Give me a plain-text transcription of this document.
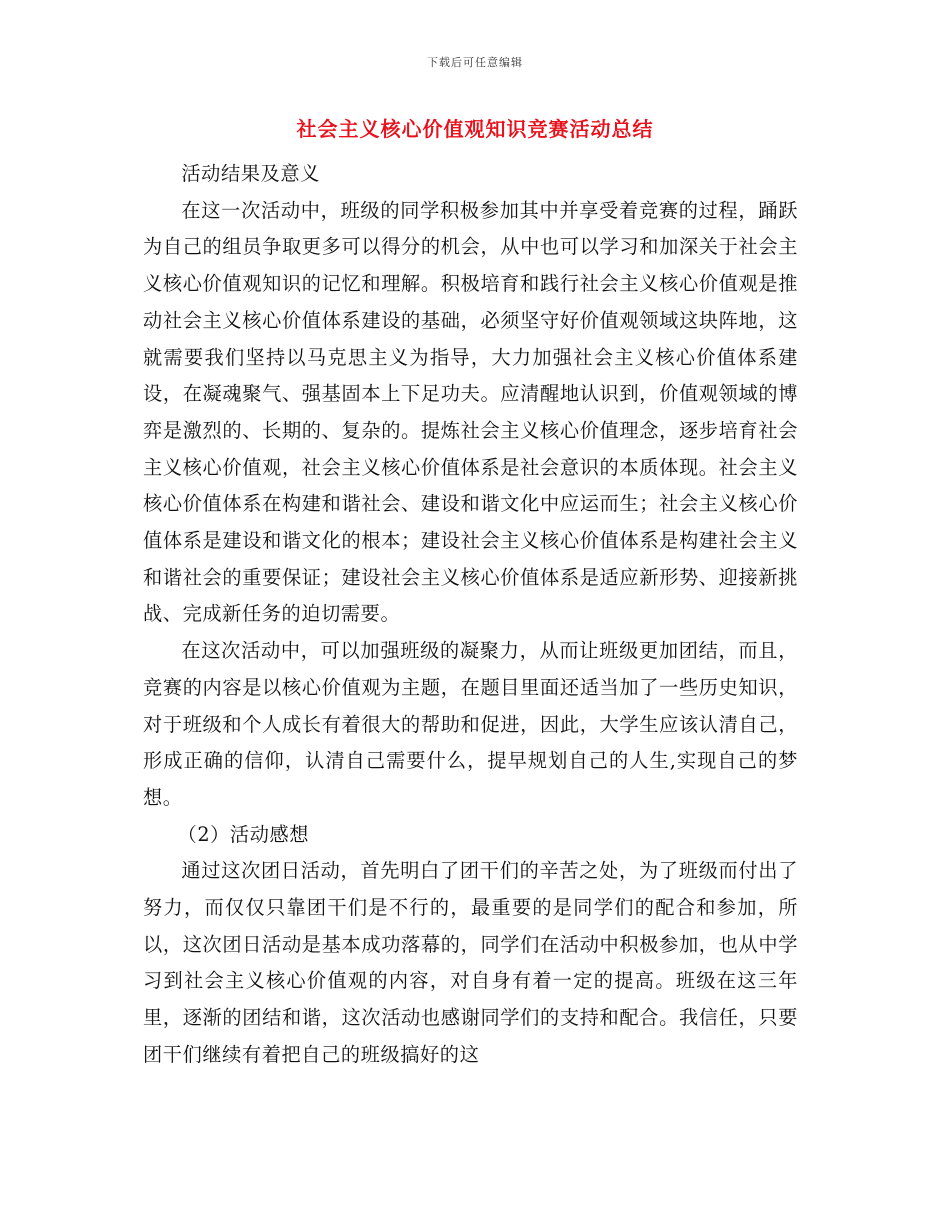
下载后可任意编辑
社会主义核心价值观知识竞赛活动总结

活动结果及意义

在这一次活动中，班级的同学积极参加其中并享受着竞赛的过程，踊跃为自己的组员争取更多可以得分的机会，从中也可以学习和加深关于社会主义核心价值观知识的记忆和理解。积极培育和践行社会主义核心价值观是推动社会主义核心价值体系建设的基础，必须坚守好价值观领域这块阵地，这就需要我们坚持以马克思主义为指导，大力加强社会主义核心价值体系建设，在凝魂聚气、强基固本上下足功夫。应清醒地认识到，价值观领域的博弈是激烈的、长期的、复杂的。提炼社会主义核心价值理念，逐步培育社会主义核心价值观，社会主义核心价值体系是社会意识的本质体现。社会主义核心价值体系在构建和谐社会、建设和谐文化中应运而生；社会主义核心价值体系是建设和谐文化的根本；建设社会主义核心价值体系是构建社会主义和谐社会的重要保证；建设社会主义核心价值体系是适应新形势、迎接新挑战、完成新任务的迫切需要。

在这次活动中，可以加强班级的凝聚力，从而让班级更加团结，而且，竞赛的内容是以核心价值观为主题，在题目里面还适当加了一些历史知识，对于班级和个人成长有着很大的帮助和促进，因此，大学生应该认清自己，形成正确的信仰，认清自己需要什么，提早规划自己的人生,实现自己的梦想。

（2）活动感想

通过这次团日活动，首先明白了团干们的辛苦之处，为了班级而付出了努力，而仅仅只靠团干们是不行的，最重要的是同学们的配合和参加，所以，这次团日活动是基本成功落幕的，同学们在活动中积极参加，也从中学习到社会主义核心价值观的内容，对自身有着一定的提高。班级在这三年里，逐渐的团结和谐，这次活动也感谢同学们的支持和配合。我信任，只要团干们继续有着把自己的班级搞好的这
